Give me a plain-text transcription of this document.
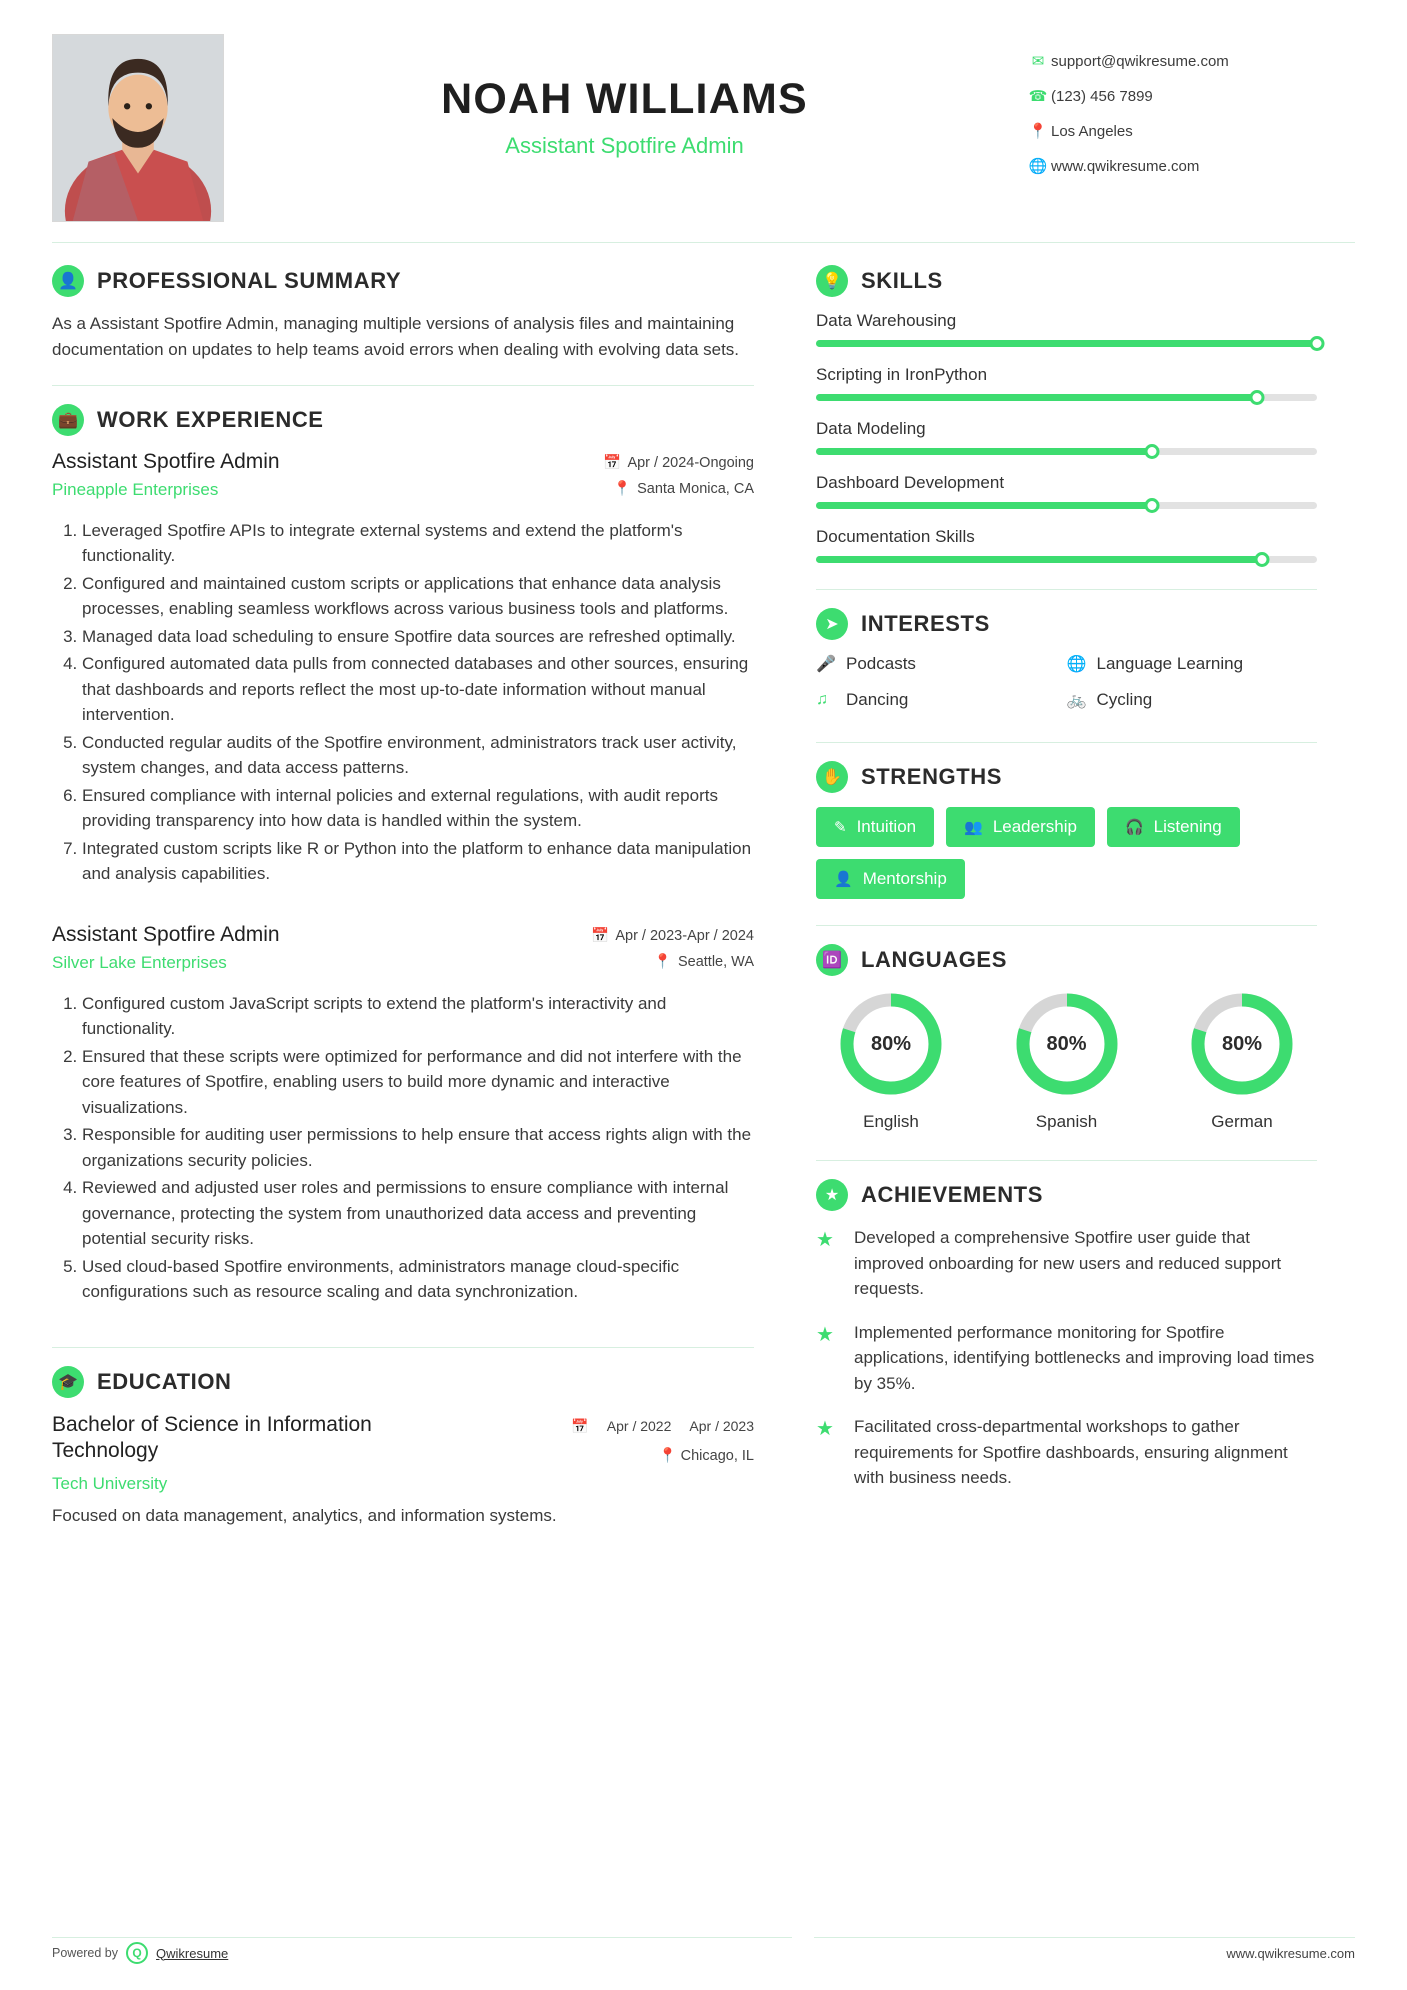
NOAH WILLIAMS
Assistant Spotfire Admin
✉ support@qwikresume.com
☎ (123) 456 7899
📍 Los Angeles
🌐 www.qwikresume.com
👤 PROFESSIONAL SUMMARY
As a Assistant Spotfire Admin, managing multiple versions of analysis files and maintaining documentation on updates to help teams avoid errors when dealing with evolving data sets.
💼 WORK EXPERIENCE
Assistant Spotfire Admin
Pineapple Enterprises
📅 Apr / 2024-Ongoing
📍 Santa Monica, CA
1. Leveraged Spotfire APIs to integrate external systems and extend the platform's functionality.
2. Configured and maintained custom scripts or applications that enhance data analysis processes, enabling seamless workflows across various business tools and platforms.
3. Managed data load scheduling to ensure Spotfire data sources are refreshed optimally.
4. Configured automated data pulls from connected databases and other sources, ensuring that dashboards and reports reflect the most up-to-date information without manual intervention.
5. Conducted regular audits of the Spotfire environment, administrators track user activity, system changes, and data access patterns.
6. Ensured compliance with internal policies and external regulations, with audit reports providing transparency into how data is handled within the system.
7. Integrated custom scripts like R or Python into the platform to enhance data manipulation and analysis capabilities.
Assistant Spotfire Admin
Silver Lake Enterprises
📅 Apr / 2023-Apr / 2024
📍 Seattle, WA
1. Configured custom JavaScript scripts to extend the platform's interactivity and functionality.
2. Ensured that these scripts were optimized for performance and did not interfere with the core features of Spotfire, enabling users to build more dynamic and interactive visualizations.
3. Responsible for auditing user permissions to help ensure that access rights align with the organizations security policies.
4. Reviewed and adjusted user roles and permissions to ensure compliance with internal governance, protecting the system from unauthorized data access and preventing potential security risks.
5. Used cloud-based Spotfire environments, administrators manage cloud-specific configurations such as resource scaling and data synchronization.
🎓 EDUCATION
Bachelor of Science in Information Technology
Tech University
📅 Apr / 2022 Apr / 2023
📍 Chicago, IL
Focused on data management, analytics, and information systems.
💡 SKILLS
Data Warehousing
Scripting in IronPython
Data Modeling
Dashboard Development
Documentation Skills
➤	INTERESTS
🎤 Podcasts	🌐 Language Learning
♫	Dancing	🚲 Cycling
✋ STRENGTHS
✎ Intuition	👥 Leadership	🎧 Listening
👤 Mentorship
🆔 LANGUAGES
80%
English
80%
Spanish
80%
German
★ ACHIEVEMENTS
★	Developed a comprehensive Spotfire user guide that improved onboarding for new users and reduced support requests.
★	Implemented performance monitoring for Spotfire applications, identifying bottlenecks and improving load times by 35%.
★	Facilitated cross-departmental workshops to gather requirements for Spotfire dashboards, ensuring alignment with business needs.
Powered by	Q	Qwikresume	www.qwikresume.com
